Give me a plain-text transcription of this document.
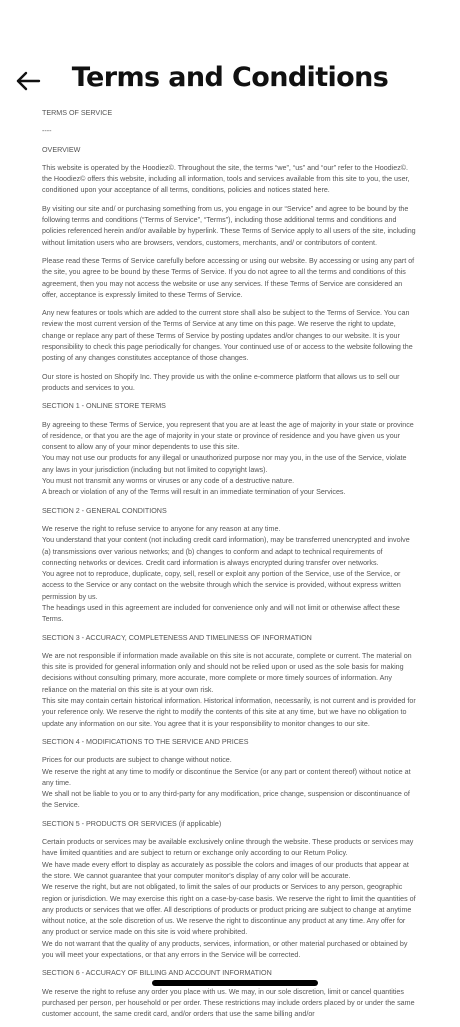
Terms and Conditions

TERMS OF SERVICE

----

OVERVIEW

This website is operated by the Hoodiez©. Throughout the site, the terms “we”, “us” and “our” refer to the Hoodiez©. the Hoodiez© offers this website, including all information, tools and services available from this site to you, the user, conditioned upon your acceptance of all terms, conditions, policies and notices stated here.

By visiting our site and/ or purchasing something from us, you engage in our “Service” and agree to be bound by the following terms and conditions (“Terms of Service”, “Terms”), including those additional terms and conditions and policies referenced herein and/or available by hyperlink. These Terms of Service apply to all users of the site, including without limitation users who are browsers, vendors, customers, merchants, and/ or contributors of content.

Please read these Terms of Service carefully before accessing or using our website. By accessing or using any part of the site, you agree to be bound by these Terms of Service. If you do not agree to all the terms and conditions of this agreement, then you may not access the website or use any services. If these Terms of Service are considered an offer, acceptance is expressly limited to these Terms of Service.

Any new features or tools which are added to the current store shall also be subject to the Terms of Service. You can review the most current version of the Terms of Service at any time on this page. We reserve the right to update, change or replace any part of these Terms of Service by posting updates and/or changes to our website. It is your responsibility to check this page periodically for changes. Your continued use of or access to the website following the posting of any changes constitutes acceptance of those changes.

Our store is hosted on Shopify Inc. They provide us with the online e-commerce platform that allows us to sell our products and services to you.

SECTION 1 - ONLINE STORE TERMS

By agreeing to these Terms of Service, you represent that you are at least the age of majority in your state or province of residence, or that you are the age of majority in your state or province of residence and you have given us your consent to allow any of your minor dependents to use this site.
You may not use our products for any illegal or unauthorized purpose nor may you, in the use of the Service, violate any laws in your jurisdiction (including but not limited to copyright laws).
You must not transmit any worms or viruses or any code of a destructive nature.
A breach or violation of any of the Terms will result in an immediate termination of your Services.

SECTION 2 - GENERAL CONDITIONS

We reserve the right to refuse service to anyone for any reason at any time.
You understand that your content (not including credit card information), may be transferred unencrypted and involve (a) transmissions over various networks; and (b) changes to conform and adapt to technical requirements of connecting networks or devices. Credit card information is always encrypted during transfer over networks.
You agree not to reproduce, duplicate, copy, sell, resell or exploit any portion of the Service, use of the Service, or access to the Service or any contact on the website through which the service is provided, without express written permission by us.
The headings used in this agreement are included for convenience only and will not limit or otherwise affect these Terms.

SECTION 3 - ACCURACY, COMPLETENESS AND TIMELINESS OF INFORMATION

We are not responsible if information made available on this site is not accurate, complete or current. The material on this site is provided for general information only and should not be relied upon or used as the sole basis for making decisions without consulting primary, more accurate, more complete or more timely sources of information. Any reliance on the material on this site is at your own risk.
This site may contain certain historical information. Historical information, necessarily, is not current and is provided for your reference only. We reserve the right to modify the contents of this site at any time, but we have no obligation to update any information on our site. You agree that it is your responsibility to monitor changes to our site.

SECTION 4 - MODIFICATIONS TO THE SERVICE AND PRICES

Prices for our products are subject to change without notice.
We reserve the right at any time to modify or discontinue the Service (or any part or content thereof) without notice at any time.
We shall not be liable to you or to any third-party for any modification, price change, suspension or discontinuance of the Service.

SECTION 5 - PRODUCTS OR SERVICES (if applicable)

Certain products or services may be available exclusively online through the website. These products or services may have limited quantities and are subject to return or exchange only according to our Return Policy.
We have made every effort to display as accurately as possible the colors and images of our products that appear at the store. We cannot guarantee that your computer monitor's display of any color will be accurate.
We reserve the right, but are not obligated, to limit the sales of our products or Services to any person, geographic region or jurisdiction. We may exercise this right on a case-by-case basis. We reserve the right to limit the quantities of any products or services that we offer. All descriptions of products or product pricing are subject to change at anytime without notice, at the sole discretion of us. We reserve the right to discontinue any product at any time. Any offer for any product or service made on this site is void where prohibited.
We do not warrant that the quality of any products, services, information, or other material purchased or obtained by you will meet your expectations, or that any errors in the Service will be corrected.

SECTION 6 - ACCURACY OF BILLING AND ACCOUNT INFORMATION

We reserve the right to refuse any order you place with us. We may, in our sole discretion, limit or cancel quantities purchased per person, per household or per order. These restrictions may include orders placed by or under the same customer account, the same credit card, and/or orders that use the same billing and/or
